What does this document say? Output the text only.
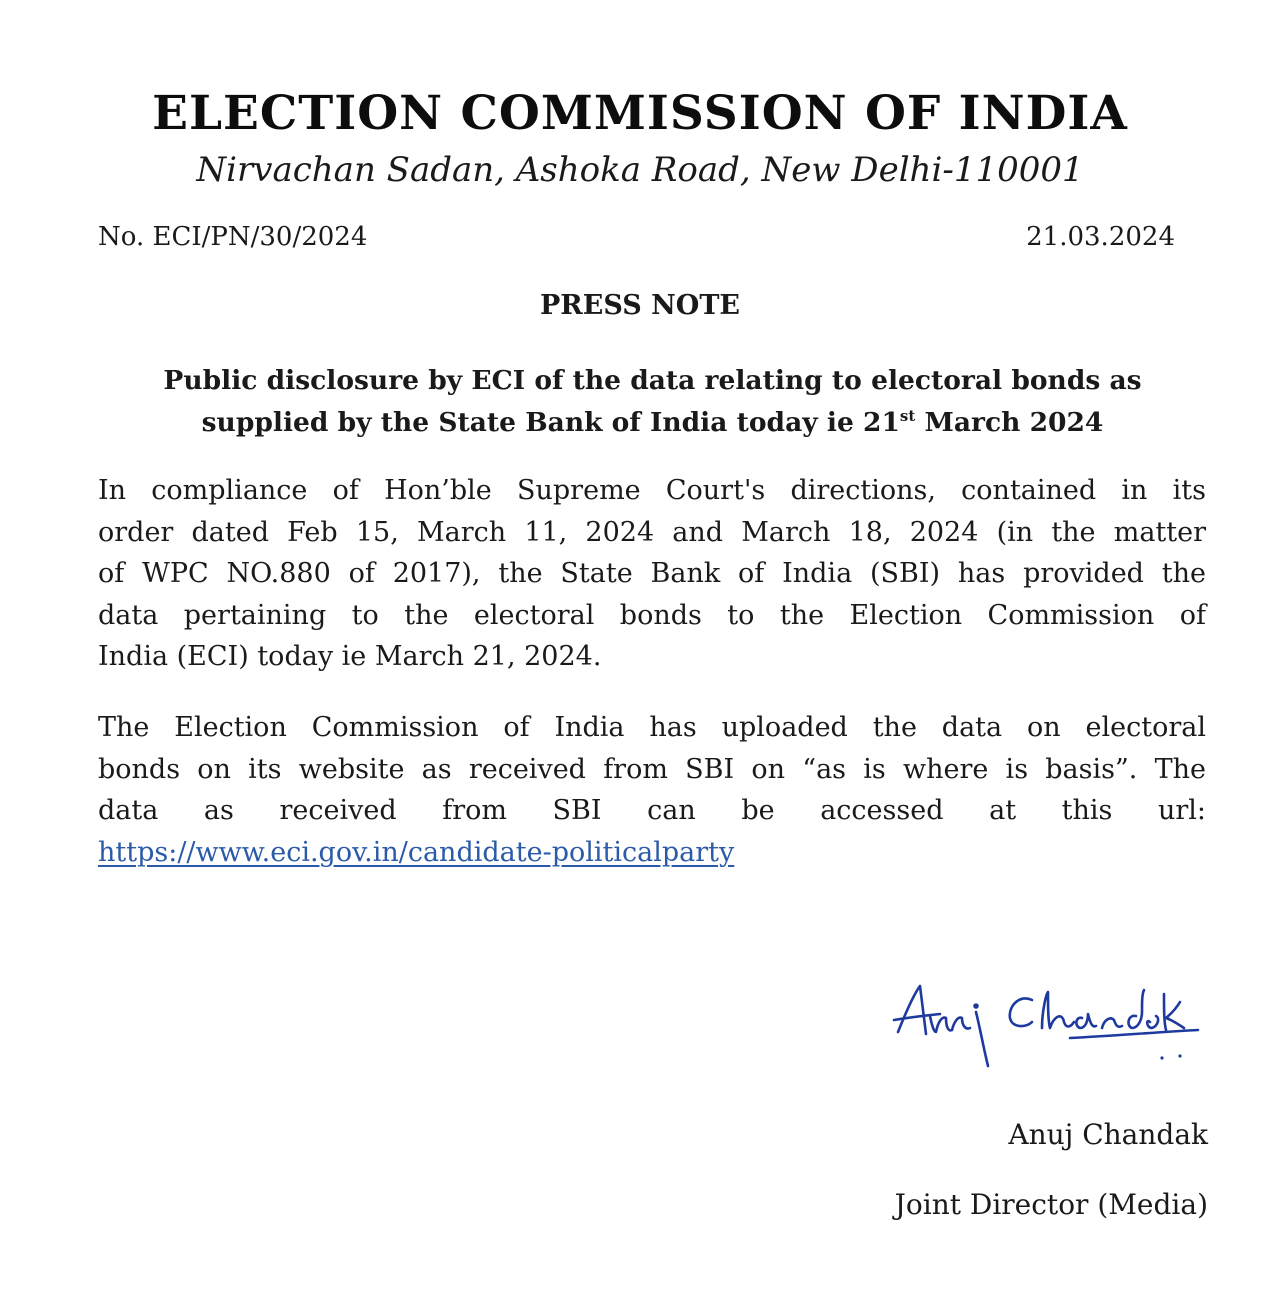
ELECTION COMMISSION OF INDIA
Nirvachan Sadan, Ashoka Road, New Delhi-110001
No. ECI/PN/30/2024	21.03.2024
PRESS NOTE
Public disclosure by ECI of the data relating to electoral bonds as
supplied by the State Bank of India today ie 21st March 2024
In compliance of Hon’ble Supreme Court's directions, contained in its
order dated Feb 15, March 11, 2024 and March 18, 2024 (in the matter
of WPC NO.880 of 2017), the State Bank of India (SBI) has provided the
data pertaining to the electoral bonds to the Election Commission of
India (ECI) today ie March 21, 2024.
The Election Commission of India has uploaded the data on electoral
bonds on its website as received from SBI on “as is where is basis”. The
data as received from SBI can be accessed at this url:
https://www.eci.gov.in/candidate-politicalparty
Anuj Chandak
Joint Director (Media)
